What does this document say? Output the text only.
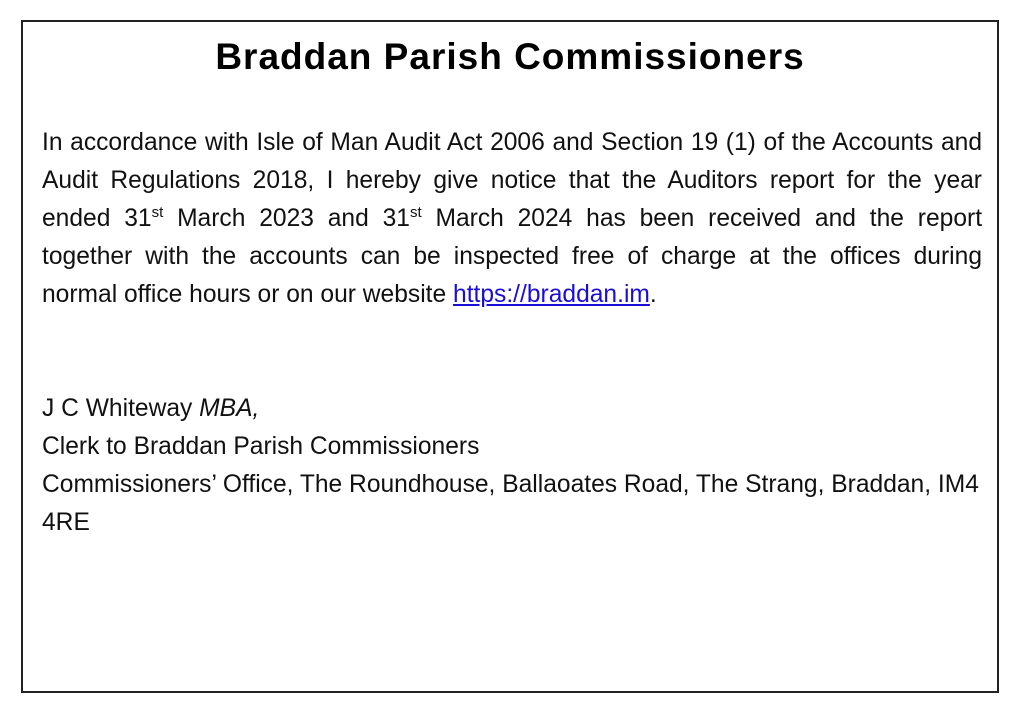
Braddan Parish Commissioners

In accordance with Isle of Man Audit Act 2006 and Section 19 (1) of the Accounts and Audit Regulations 2018, I hereby give notice that the Auditors report for the year ended 31st March 2023 and 31st March 2024 has been received and the report together with the accounts can be inspected free of charge at the offices during normal office hours or on our website https://braddan.im.

J C Whiteway MBA,
Clerk to Braddan Parish Commissioners
Commissioners’ Office, The Roundhouse, Ballaoates Road, The Strang, Braddan, IM4 4RE
